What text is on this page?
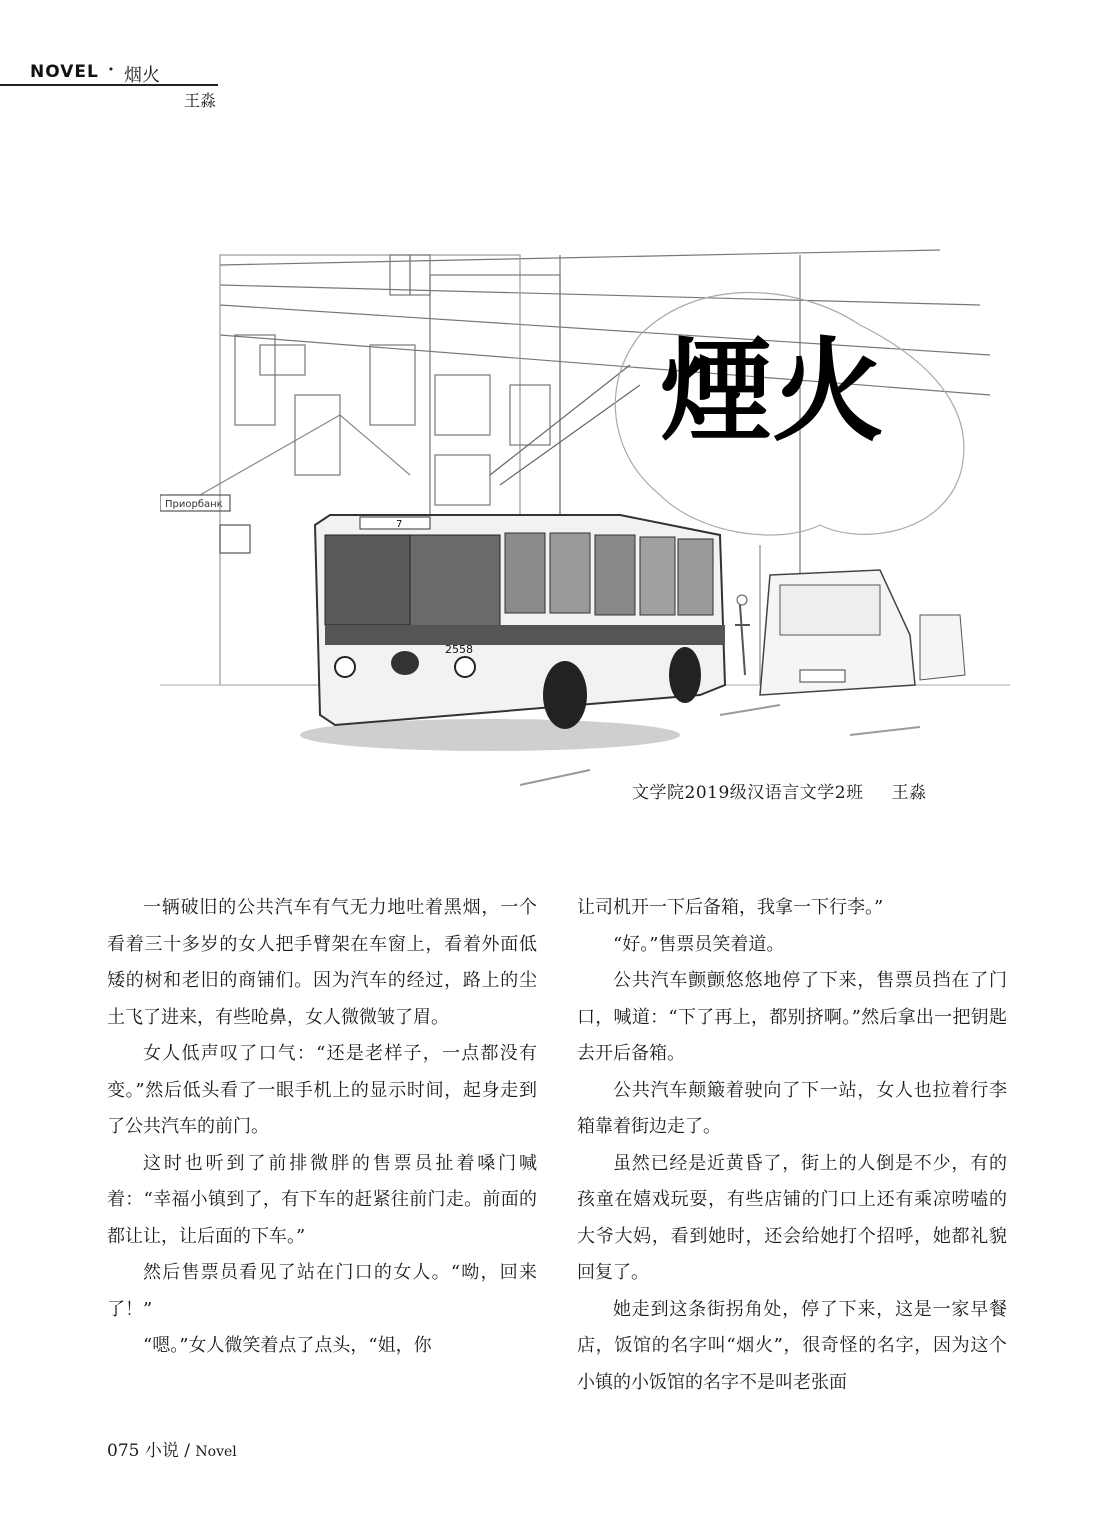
NOVEL · 烟火
王淼
7
2558
Приорбанк
煙火
文学院2019级汉语言文学2班 王淼

一辆破旧的公共汽车有气无力地吐着黑烟，一个看着三十多岁的女人把手臂架在车窗上，看着外面低矮的树和老旧的商铺们。因为汽车的经过，路上的尘土飞了进来，有些呛鼻，女人微微皱了眉。

女人低声叹了口气：“还是老样子，一点都没有变。”然后低头看了一眼手机上的显示时间，起身走到了公共汽车的前门。

这时也听到了前排微胖的售票员扯着嗓门喊着：“幸福小镇到了，有下车的赶紧往前门走。前面的都让让，让后面的下车。”

然后售票员看见了站在门口的女人。“呦，回来了！”

“嗯。”女人微笑着点了点头，“姐，你

让司机开一下后备箱，我拿一下行李。”

“好。”售票员笑着道。

公共汽车颤颤悠悠地停了下来，售票员挡在了门口，喊道：“下了再上，都别挤啊。”然后拿出一把钥匙去开后备箱。

公共汽车颠簸着驶向了下一站，女人也拉着行李箱靠着街边走了。

虽然已经是近黄昏了，街上的人倒是不少，有的孩童在嬉戏玩耍，有些店铺的门口上还有乘凉唠嗑的大爷大妈，看到她时，还会给她打个招呼，她都礼貌回复了。

她走到这条街拐角处，停了下来，这是一家早餐店，饭馆的名字叫“烟火”，很奇怪的名字，因为这个小镇的小饭馆的名字不是叫老张面

075 小说 / Novel
